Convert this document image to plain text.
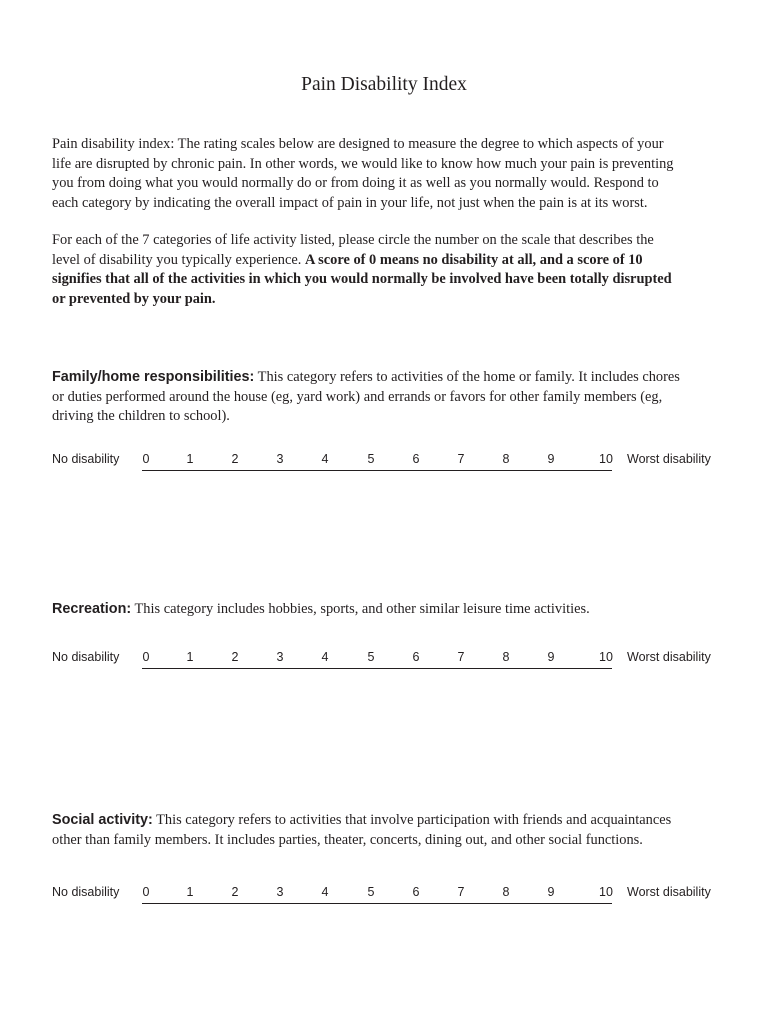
Pain Disability Index
Pain disability index: The rating scales below are designed to measure the degree to which aspects of your
life are disrupted by chronic pain. In other words, we would like to know how much your pain is preventing
you from doing what you would normally do or from doing it as well as you normally would. Respond to
each category by indicating the overall impact of pain in your life, not just when the pain is at its worst.
For each of the 7 categories of life activity listed, please circle the number on the scale that describes the
level of disability you typically experience. A score of 0 means no disability at all, and a score of 10
signifies that all of the activities in which you would normally be involved have been totally disrupted
or prevented by your pain.
Family/home responsibilities: This category refers to activities of the home or family. It includes chores
or duties performed around the house (eg, yard work) and errands or favors for other family members (eg,
driving the children to school).
No disability	0	1	2	3	4	5	6	7	8	9	10 Worst disability
Recreation: This category includes hobbies, sports, and other similar leisure time activities.
No disability	0	1	2	3	4	5	6	7	8	9	10 Worst disability
Social activity: This category refers to activities that involve participation with friends and acquaintances
other than family members. It includes parties, theater, concerts, dining out, and other social functions.
No disability	0	1	2	3	4	5	6	7	8	9	10 Worst disability
